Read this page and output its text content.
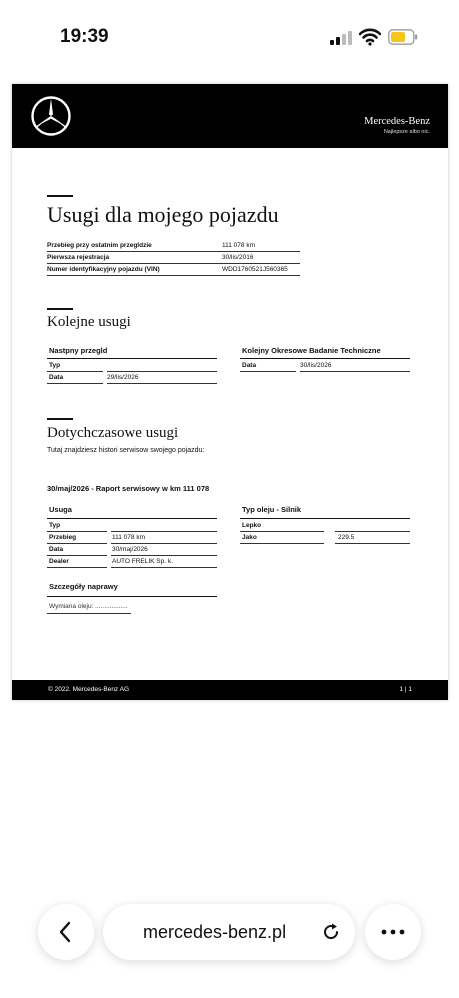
19:39
Mercedes-Benz
Najlepsze albo nic.
Usugi dla mojego pojazdu
Przebieg przy ostatnim przegldzie	111 078 km
Pierwsza rejestracja	30/lis/2016
Numer identyfikacyjny pojazdu (VIN)	WDD1760521J560365
Kolejne usugi
Nastpny przegld
Typ
Data	29/lis/2026
Kolejny Okresowe Badanie Techniczne
Data	30/lis/2026
Dotychczasowe usugi
Tutaj znajdziesz histori serwisow swojego pojazdu:
30/maj/2026 - Raport serwisowy w km 111 078
Usuga
Typ
Przebieg	111 078 km
Data	30/maj/2026
Dealer	AUTO FRELIK Sp. k.
Typ oleju - Silnik
Lepko
Jako	229.5
Szczegóły naprawy
Wymiana oleju: ..................
© 2022. Mercedes-Benz AG	1 | 1
mercedes-benz.pl
